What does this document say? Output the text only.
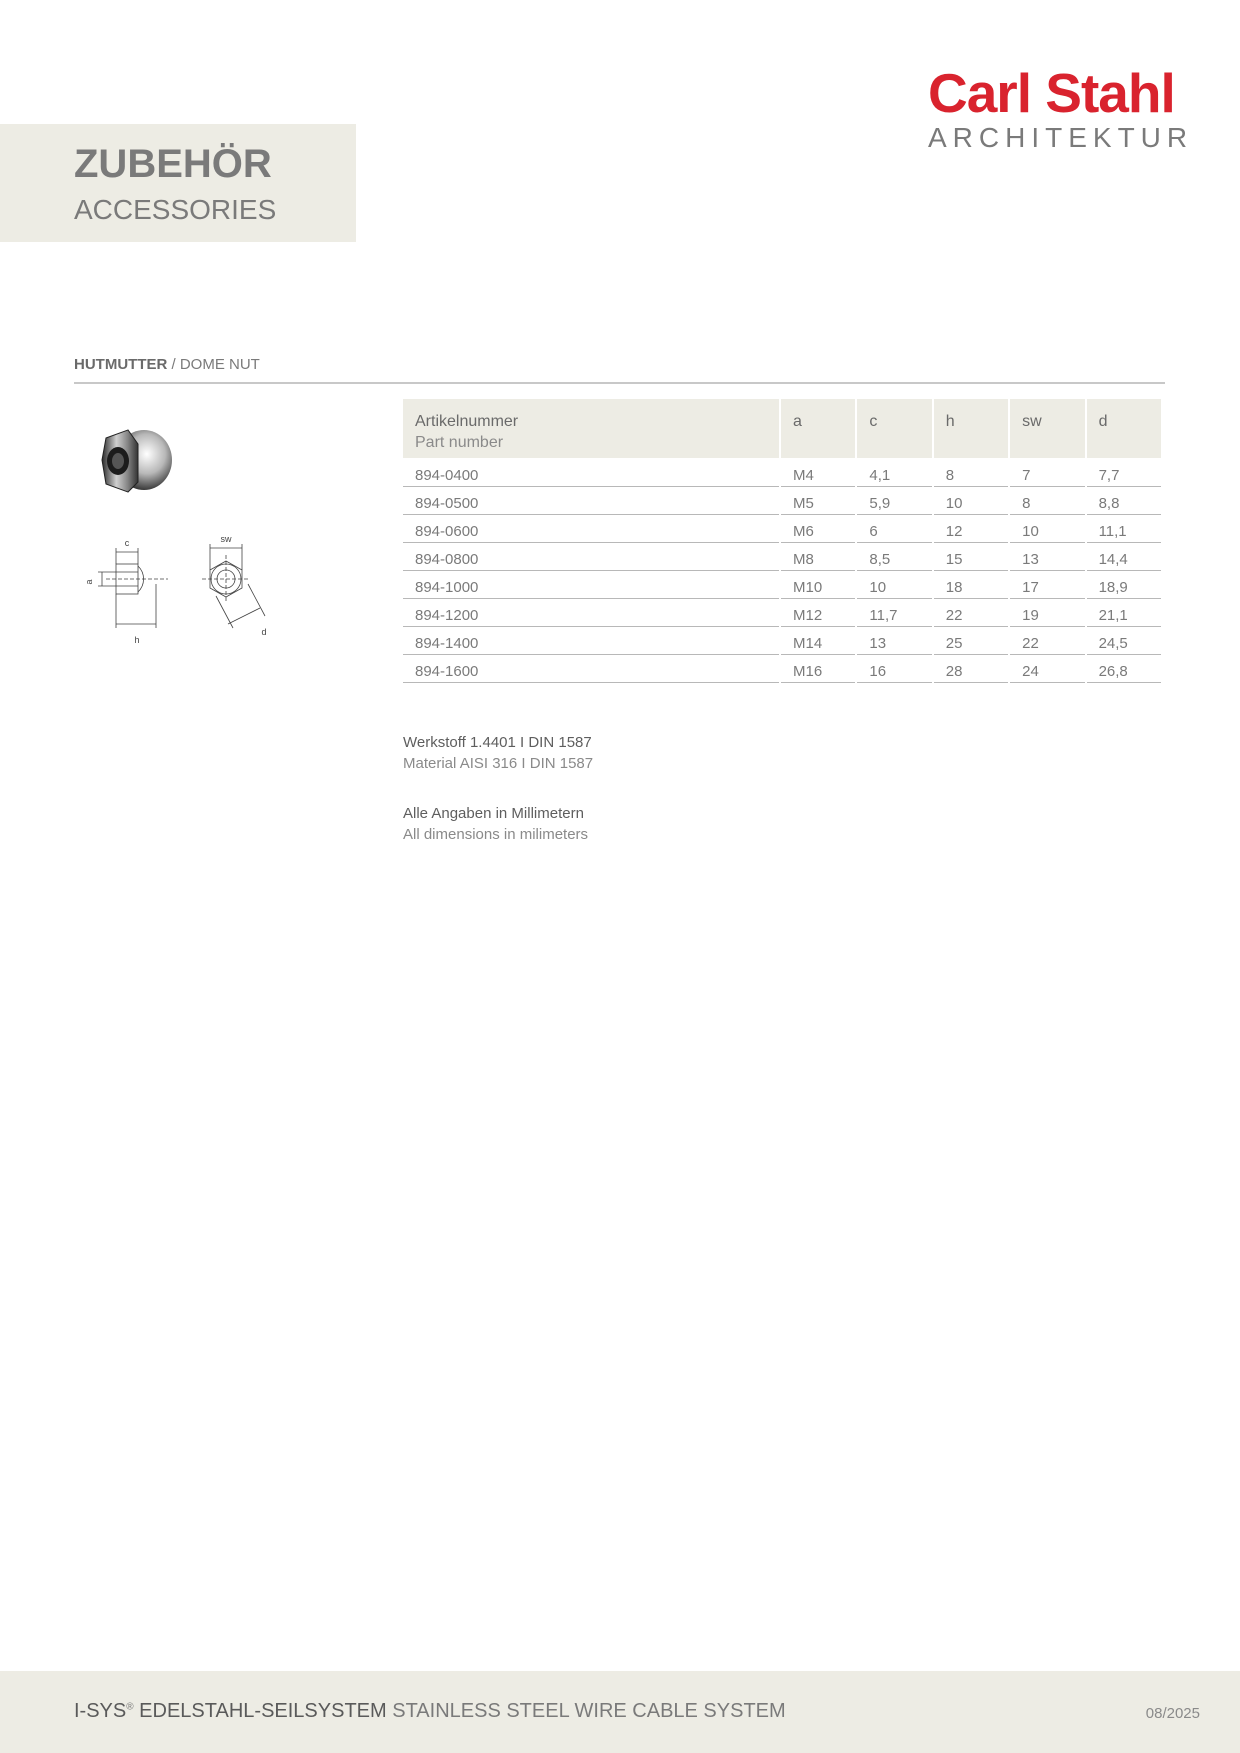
Carl Stahl
ARCHITEKTUR
ZUBEHÖR
ACCESSORIES
HUTMUTTER / DOME NUT
c
a
h
sw
d
Artikelnummer
Part number	a	c	h	sw	d
894-0400	M4	4,1	8	7	7,7
894-0500	M5	5,9	10	8	8,8
894-0600	M6	6	12	10	11,1
894-0800	M8	8,5	15	13	14,4
894-1000	M10	10	18	17	18,9
894-1200	M12	11,7	22	19	21,1
894-1400	M14	13	25	22	24,5
894-1600	M16	16	28	24	26,8
Werkstoff 1.4401 I DIN 1587
Material AISI 316 I DIN 1587
Alle Angaben in Millimetern
All dimensions in milimeters
I-SYS® EDELSTAHL-SEILSYSTEM STAINLESS STEEL WIRE CABLE SYSTEM	08/2025
